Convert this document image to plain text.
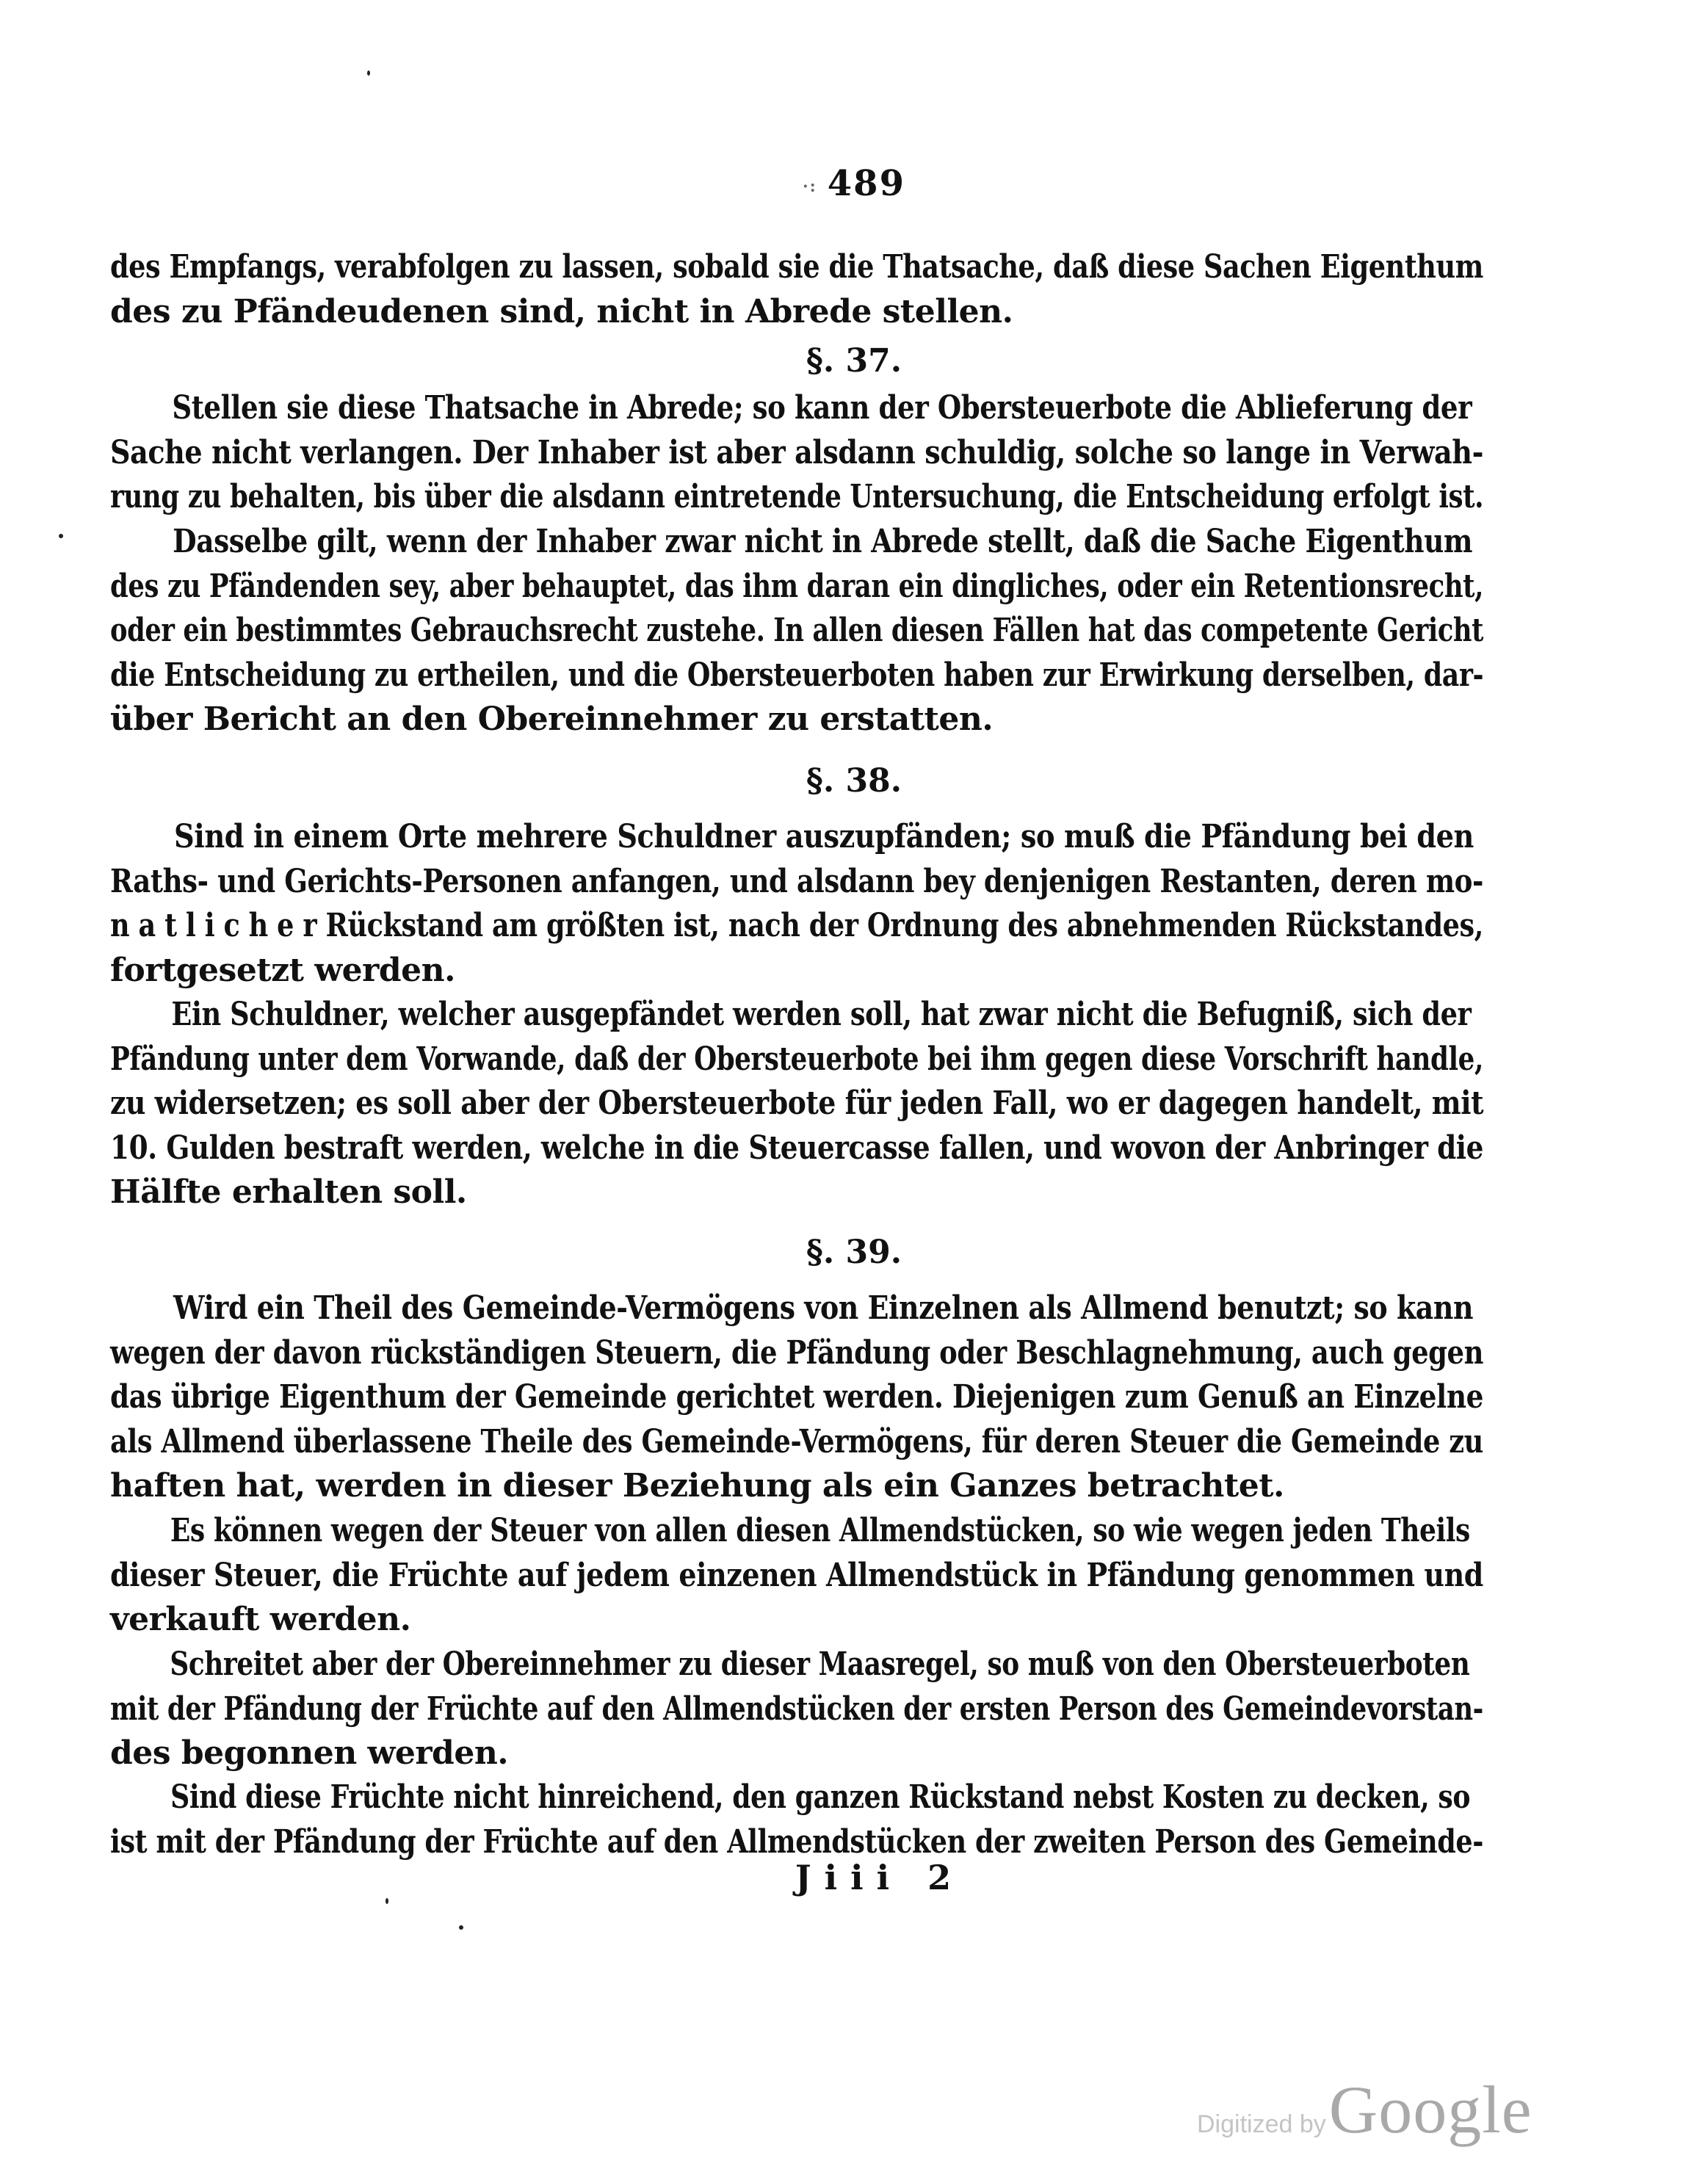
·: 489
des Empfangs, verabfolgen zu lassen, sobald sie die Thatsache, daß diese Sachen Eigenthum
des zu Pfändeudenen sind, nicht in Abrede stellen.
§. 37.
Stellen sie diese Thatsache in Abrede; so kann der Obersteuerbote die Ablieferung der
Sache nicht verlangen. Der Inhaber ist aber alsdann schuldig, solche so lange in Verwah-
rung zu behalten, bis über die alsdann eintretende Untersuchung, die Entscheidung erfolgt ist.
Dasselbe gilt, wenn der Inhaber zwar nicht in Abrede stellt, daß die Sache Eigenthum
des zu Pfändenden sey, aber behauptet, das ihm daran ein dingliches, oder ein Retentionsrecht,
oder ein bestimmtes Gebrauchsrecht zustehe. In allen diesen Fällen hat das competente Gericht
die Entscheidung zu ertheilen, und die Obersteuerboten haben zur Erwirkung derselben, dar-
über Bericht an den Obereinnehmer zu erstatten.
§. 38.
Sind in einem Orte mehrere Schuldner auszupfänden; so muß die Pfändung bei den
Raths- und Gerichts-Personen anfangen, und alsdann bey denjenigen Restanten, deren mo-
n a t l i c h e r Rückstand am größten ist, nach der Ordnung des abnehmenden Rückstandes,
fortgesetzt werden.
Ein Schuldner, welcher ausgepfändet werden soll, hat zwar nicht die Befugniß, sich der
Pfändung unter dem Vorwande, daß der Obersteuerbote bei ihm gegen diese Vorschrift handle,
zu widersetzen; es soll aber der Obersteuerbote für jeden Fall, wo er dagegen handelt, mit
10. Gulden bestraft werden, welche in die Steuercasse fallen, und wovon der Anbringer die
Hälfte erhalten soll.
§. 39.
Wird ein Theil des Gemeinde-Vermögens von Einzelnen als Allmend benutzt; so kann
wegen der davon rückständigen Steuern, die Pfändung oder Beschlagnehmung, auch gegen
das übrige Eigenthum der Gemeinde gerichtet werden. Diejenigen zum Genuß an Einzelne
als Allmend überlassene Theile des Gemeinde-Vermögens, für deren Steuer die Gemeinde zu
haften hat, werden in dieser Beziehung als ein Ganzes betrachtet.
Es können wegen der Steuer von allen diesen Allmendstücken, so wie wegen jeden Theils
dieser Steuer, die Früchte auf jedem einzenen Allmendstück in Pfändung genommen und
verkauft werden.
Schreitet aber der Obereinnehmer zu dieser Maasregel, so muß von den Obersteuerboten
mit der Pfändung der Früchte auf den Allmendstücken der ersten Person des Gemeindevorstan-
des begonnen werden.
Sind diese Früchte nicht hinreichend, den ganzen Rückstand nebst Kosten zu decken, so
ist mit der Pfändung der Früchte auf den Allmendstücken der zweiten Person des Gemeinde-
Jiii 2
Digitized byGoogle
